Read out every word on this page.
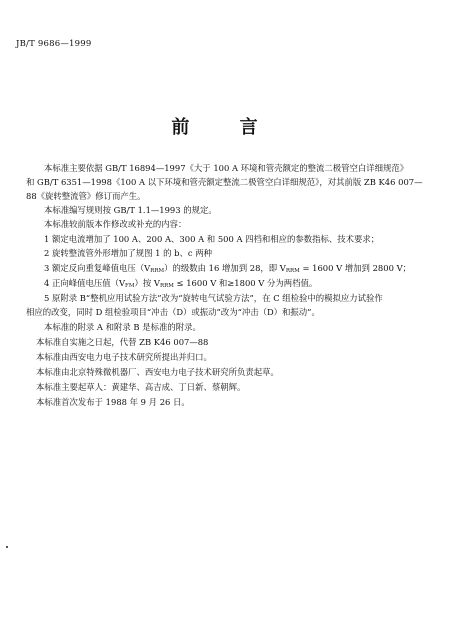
JB/T 9686—1999
前 言
本标准主要依据 GB/T 16894—1997《大于 100 A 环境和管壳额定的整流二极管空白详细规范》
和 GB/T 6351—1998《100 A 以下环境和管壳额定整流二极管空白详细规范》，对其前版 ZB K46 007—
88《旋转整流管》修订而产生。
本标准编写规则按 GB/T 1.1—1993 的规定。
本标准较前版本作修改或补充的内容：
1 额定电流增加了 100 A、200 A、300 A 和 500 A 四档和相应的参数指标、技术要求；
2 旋转整流管外形增加了规图 1 的 b、c 两种
3 额定反向重复峰值电压（VRRM）的级数由 16 增加到 28，即 VRRM = 1600 V 增加到 2800 V；
4 正向峰值电压值（VFM）按 VRRM ≤ 1600 V 和≥1800 V 分为两档值。
5 原附录 B“整机应用试验方法”改为“旋转电气试验方法”，在 C 组检验中的模拟应力试验作
相应的改变，同时 D 组检验项目“冲击（D）或振动”改为“冲击（D）和振动”。
本标准的附录 A 和附录 B 是标准的附录。
本标准自实施之日起，代替 ZB K46 007—88
本标准由西安电力电子技术研究所提出并归口。
本标准由北京特殊微机器厂、西安电力电子技术研究所负责起草。
本标准主要起草人：黄建华、高吉成、丁日新、蔡朝辉。
本标准首次发布于 1988 年 9 月 26 日。
